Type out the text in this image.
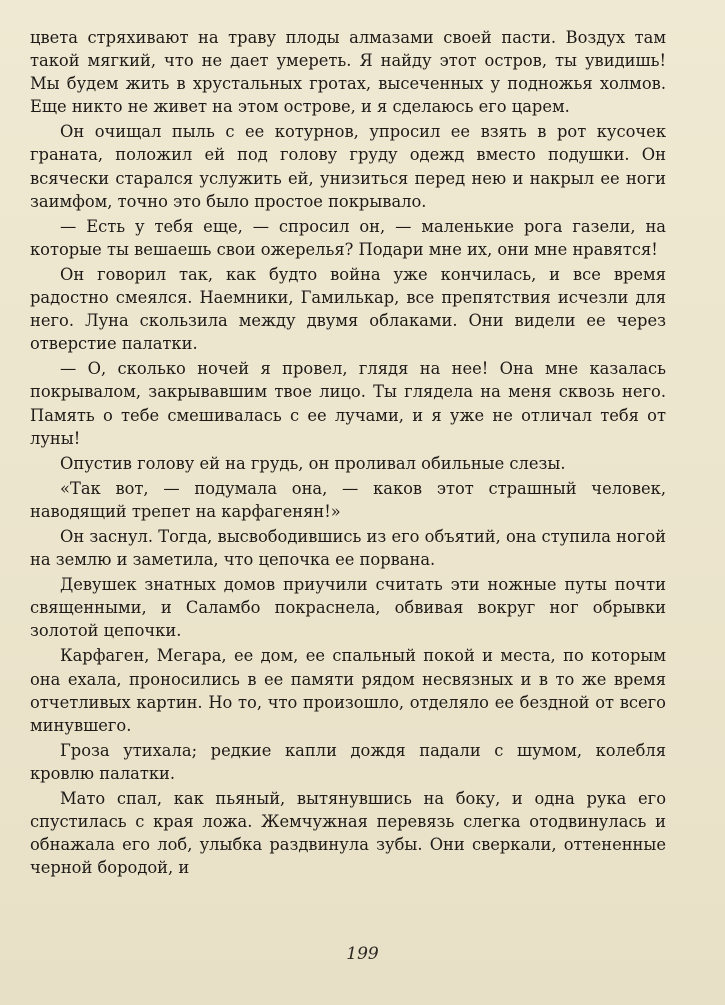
цвета стряхивают на траву плоды алмазами своей пасти. Воздух там такой мягкий, что не дает умереть. Я найду этот остров, ты увидишь! Мы будем жить в хрустальных гротах, высеченных у подножья холмов. Еще никто не живет на этом острове, и я сделаюсь его царем.

Он очищал пыль с ее котурнов, упросил ее взять в рот кусочек граната, положил ей под голову груду одежд вместо подушки. Он всячески старался услужить ей, унизиться перед нею и накрыл ее ноги заимфом, точно это было простое покрывало.

— Есть у тебя еще, — спросил он, — маленькие рога газели, на которые ты вешаешь свои ожерелья? Подари мне их, они мне нравятся!

Он говорил так, как будто война уже кончилась, и все время радостно смеялся. Наемники, Гамилькар, все препятствия исчезли для него. Луна скользила между двумя облаками. Они видели ее через отверстие палатки.

— О, сколько ночей я провел, глядя на нее! Она мне казалась покрывалом, закрывавшим твое лицо. Ты глядела на меня сквозь него. Память о тебе смешивалась с ее лучами, и я уже не отличал тебя от луны!

Опустив голову ей на грудь, он проливал обильные слезы.

«Так вот, — подумала она, — каков этот страшный человек, наводящий трепет на карфагенян!»

Он заснул. Тогда, высвободившись из его объятий, она ступила ногой на землю и заметила, что цепочка ее порвана.

Девушек знатных домов приучили считать эти ножные путы почти священными, и Саламбо покраснела, обвивая вокруг ног обрывки золотой цепочки.

Карфаген, Мегара, ее дом, ее спальный покой и места, по которым она ехала, проносились в ее памяти рядом несвязных и в то же время отчетливых картин. Но то, что произошло, отделяло ее бездной от всего минувшего.

Гроза утихала; редкие капли дождя падали с шумом, колебля кровлю палатки.

Мато спал, как пьяный, вытянувшись на боку, и одна рука его спустилась с края ложа. Жемчужная перевязь слегка отодвинулась и обнажала его лоб, улыбка раздвинула зубы. Они сверкали, оттененные черной бородой, и

199
